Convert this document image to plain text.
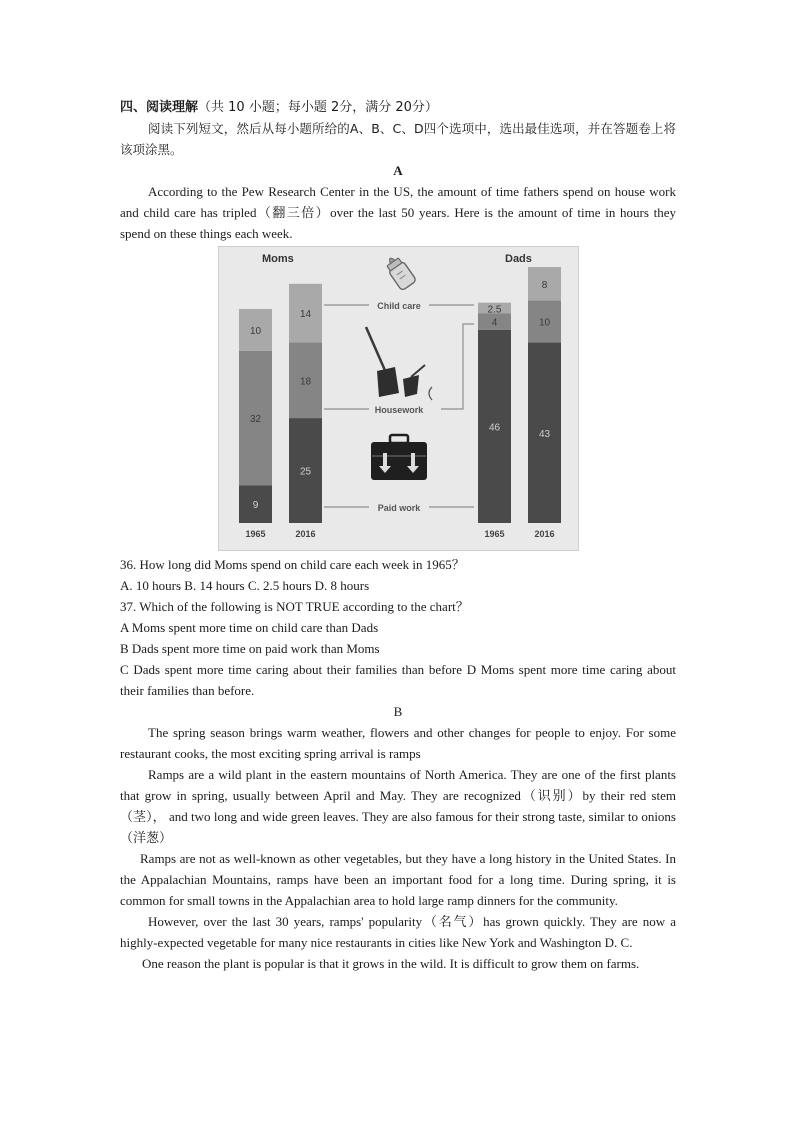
四、阅读理解（共 10 小题；每小题 2分，满分 20分）

阅读下列短文，然后从每小题所给的A、B、C、D四个选项中，选出最佳选项，并在答题卷上将该项涂黑。

A

According to the Pew Research Center in the US, the amount of time fathers spend on house work and child care has tripled（翻三倍）over the last 50 years. Here is the amount of time in hours they spend on these things each week.

Moms	Dads
Child care
Housework
Paid work
9
32
10
25
18
14
46
4
2.5
43
10
8
1965	2016	1965	2016

36. How long did Moms spend on child care each week in 1965？

A. 10 hours B. 14 hours C. 2.5 hours D. 8 hours

37. Which of the following is NOT TRUE according to the chart？

A Moms spent more time on child care than Dads

B Dads spent more time on paid work than Moms

C Dads spent more time caring about their families than before D Moms spent more time caring about their families than before.

B

The spring season brings warm weather, flowers and other changes for people to enjoy. For some restaurant cooks, the most exciting spring arrival is ramps

Ramps are a wild plant in the eastern mountains of North America. They are one of the first plants that grow in spring, usually between April and May. They are recognized（识别）by their red stem（茎）， and two long and wide green leaves. They are also famous for their strong taste, similar to onions（洋葱）

Ramps are not as well-known as other vegetables, but they have a long history in the United States. In the Appalachian Mountains, ramps have been an important food for a long time. During spring, it is common for small towns in the Appalachian area to hold large ramp dinners for the community.

However, over the last 30 years, ramps' popularity（名气）has grown quickly. They are now a highly-expected vegetable for many nice restaurants in cities like New York and Washington D. C.

One reason the plant is popular is that it grows in the wild. It is difficult to grow them on farms.
